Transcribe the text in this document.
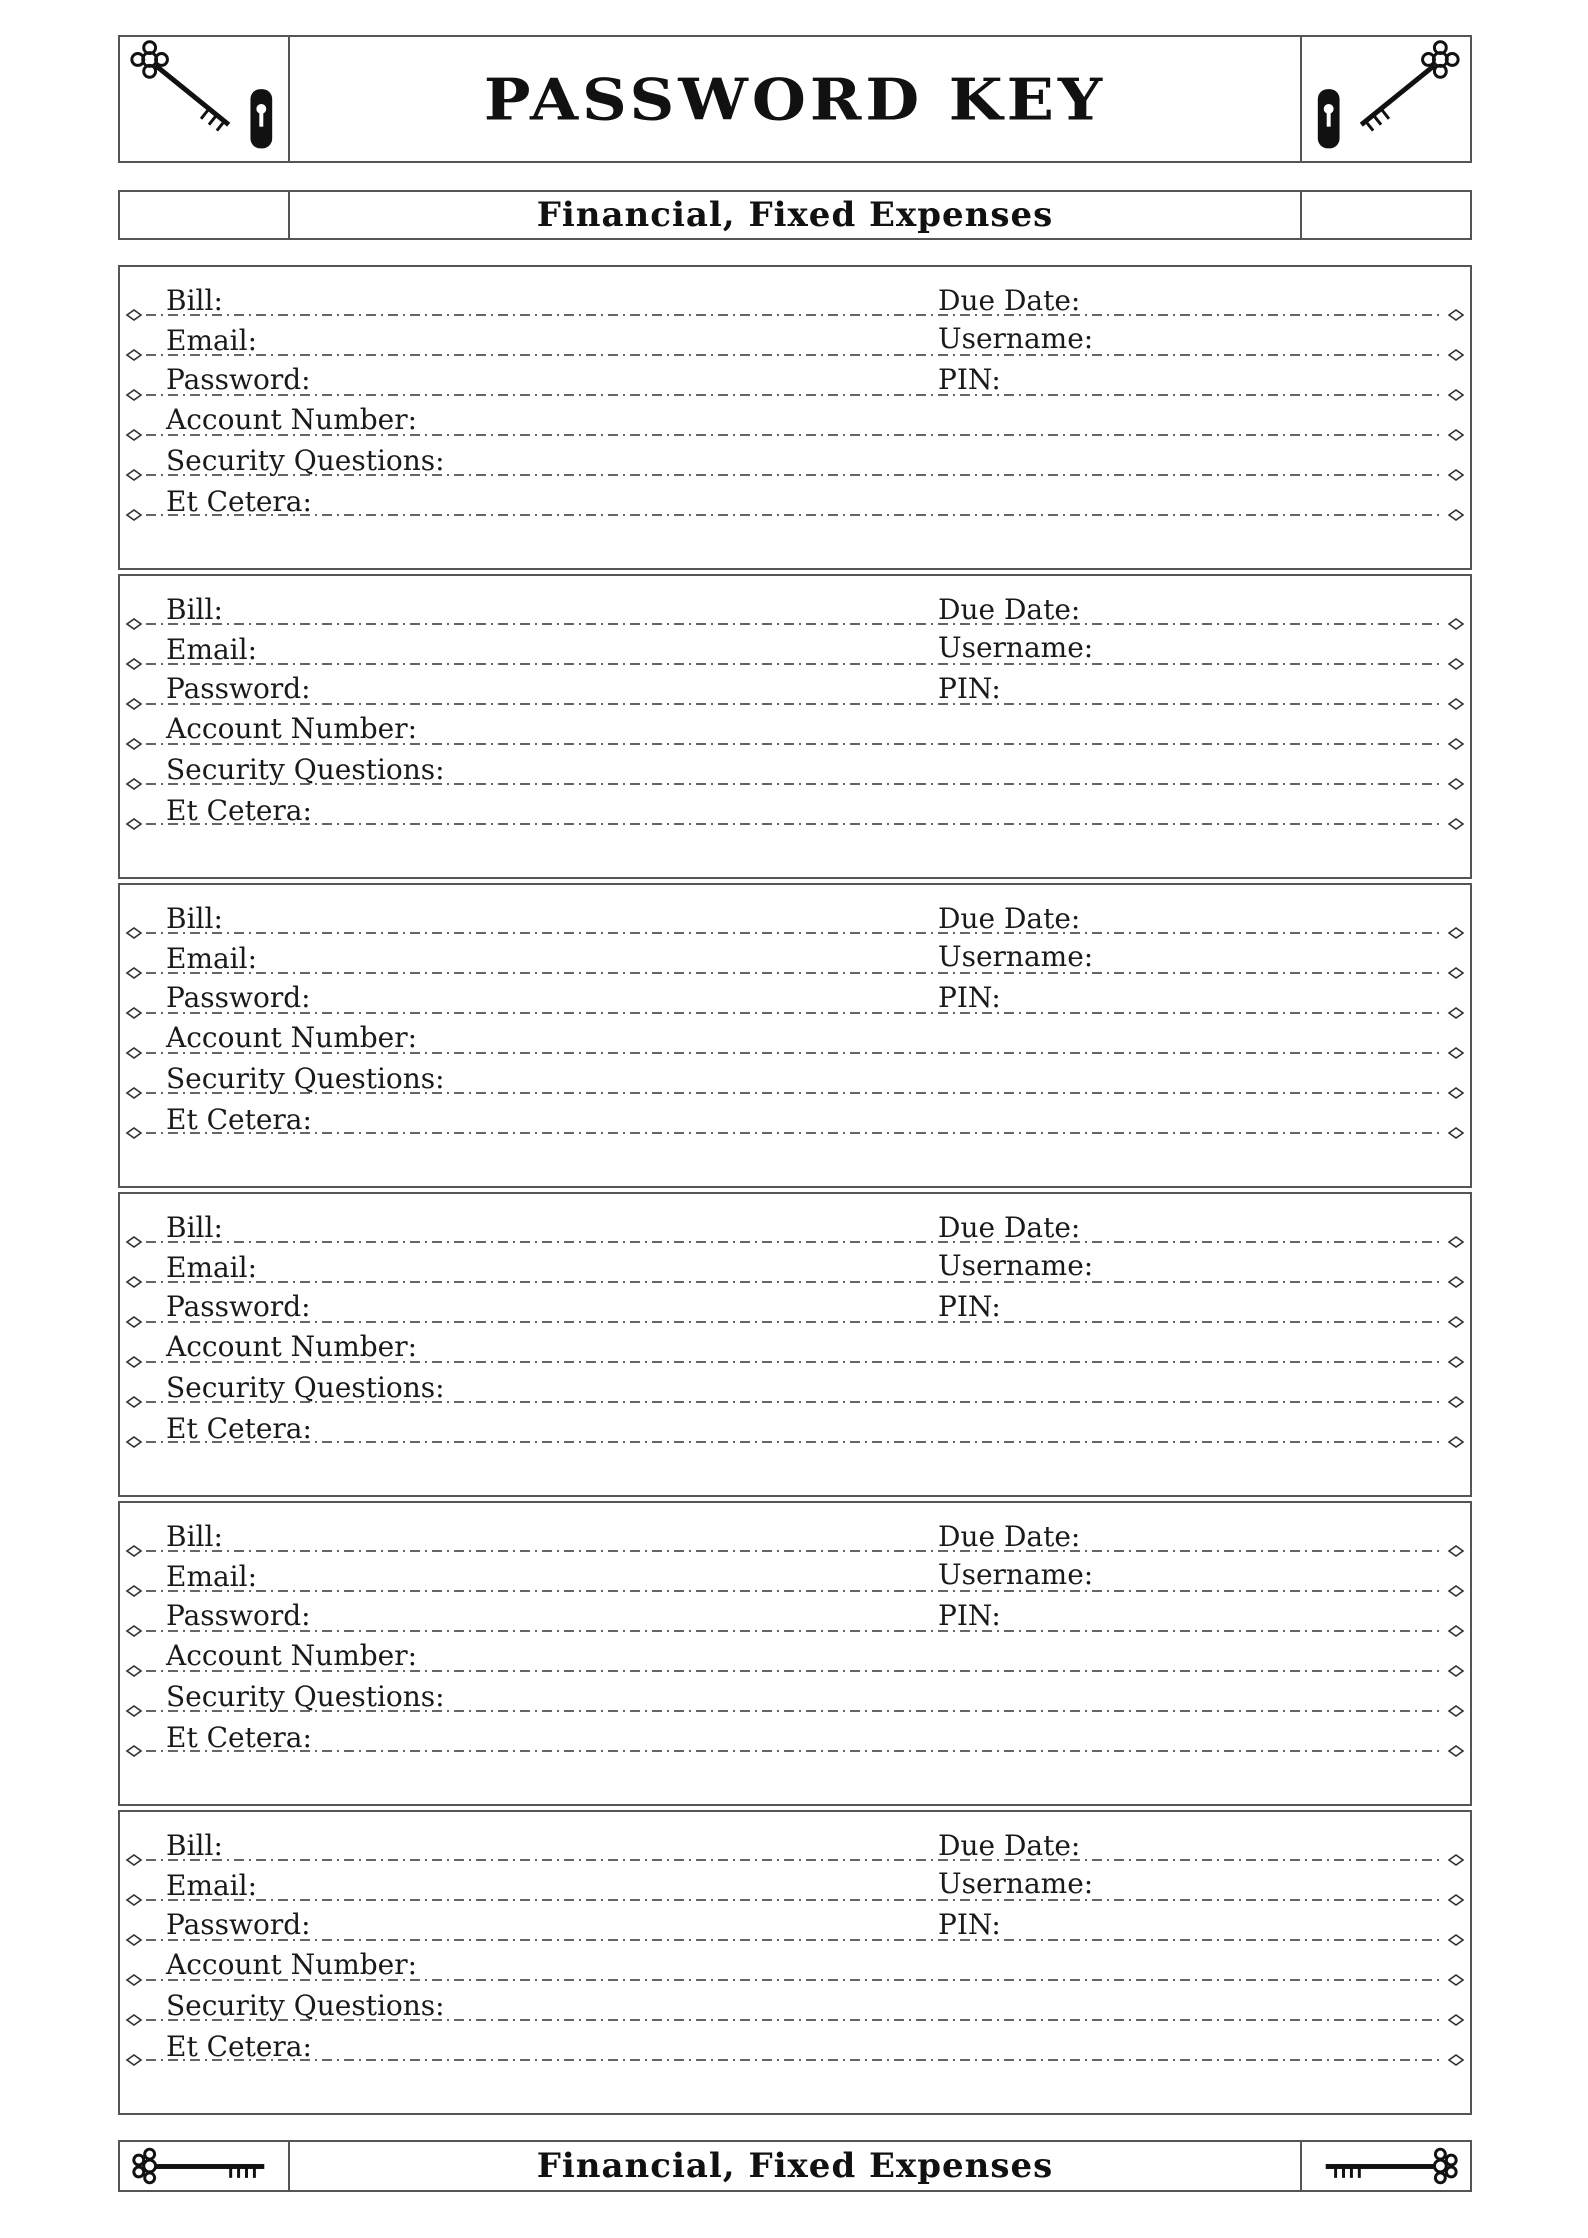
PASSWORD KEY
Financial, Fixed Expenses
Bill:	Due Date:
Email:	Username:
Password:	PIN:
Account Number:
Security Questions:
Et Cetera:
Bill:	Due Date:
Email:	Username:
Password:	PIN:
Account Number:
Security Questions:
Et Cetera:
Bill:	Due Date:
Email:	Username:
Password:	PIN:
Account Number:
Security Questions:
Et Cetera:
Bill:	Due Date:
Email:	Username:
Password:	PIN:
Account Number:
Security Questions:
Et Cetera:
Bill:	Due Date:
Email:	Username:
Password:	PIN:
Account Number:
Security Questions:
Et Cetera:
Bill:	Due Date:
Email:	Username:
Password:	PIN:
Account Number:
Security Questions:
Et Cetera:
Financial, Fixed Expenses
